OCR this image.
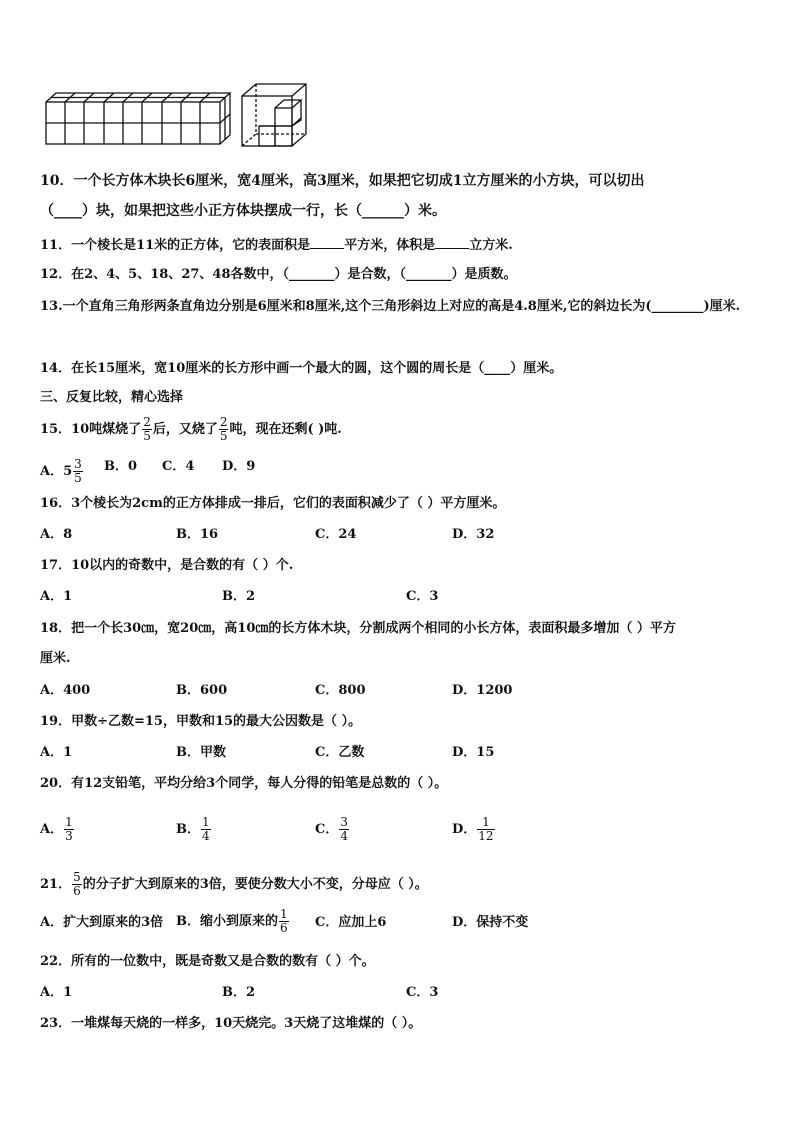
10．一个长方体木块长6厘米，宽4厘米，高3厘米，如果把它切成1立方厘米的小方块，可以切出
（____）块，如果把这些小正方体块摆成一行，长（______）米。
11．一个棱长是11米的正方体，它的表面积是	平方米，体积是	立方米.
12．在2、4、5、18、27、48各数中，（_______）是合数，（_______）是质数。
13.一个直角三角形两条直角边分别是6厘米和8厘米,这个三角形斜边上对应的高是4.8厘米,它的斜边长为(________)厘米.
14．在长15厘米，宽10厘米的长方形中画一个最大的圆，这个圆的周长是（____）厘米。
三、反复比较，精心选择
15．10吨煤烧了 $\frac{2}{5}$ 后，又烧了 $\frac{2}{5}$ 吨，现在还剩( )吨.
A．$5 \frac{3}{5}$ B．0 C．4 D．9
16．3个棱长为2cm的正方体排成一排后，它们的表面积减少了（ ）平方厘米。
A．8	B．16	C．24	D．32
17．10以内的奇数中，是合数的有（ ）个.
A．1	B．2	C．3
18．把一个长30㎝，宽20㎝，高10㎝的长方体木块，分割成两个相同的小长方体，表面积最多增加（ ）平方
厘米.
A．400	B．600	C．800	D．1200
19．甲数÷乙数=15，甲数和15的最大公因数是（ ）。
A．1	B．甲数	C．乙数	D．15
20．有12支铅笔，平均分给3个同学，每人分得的铅笔是总数的（ ）。
A． $\frac{1}{3}$	B． $\frac{1}{4}$	C． $\frac{3}{4}$	D． $\frac{1}{12}$
21． $\frac{5}{6}$ 的分子扩大到原来的3倍，要使分数大小不变，分母应（ ）。
A．扩大到原来的3倍 B．缩小到原来的 $\frac{1}{6}$ C．应加上6	D．保持不变
22．所有的一位数中，既是奇数又是合数的数有（ ）个。
A．1	B．2	C．3
23．一堆煤每天烧的一样多，10天烧完。3天烧了这堆煤的（ ）。
